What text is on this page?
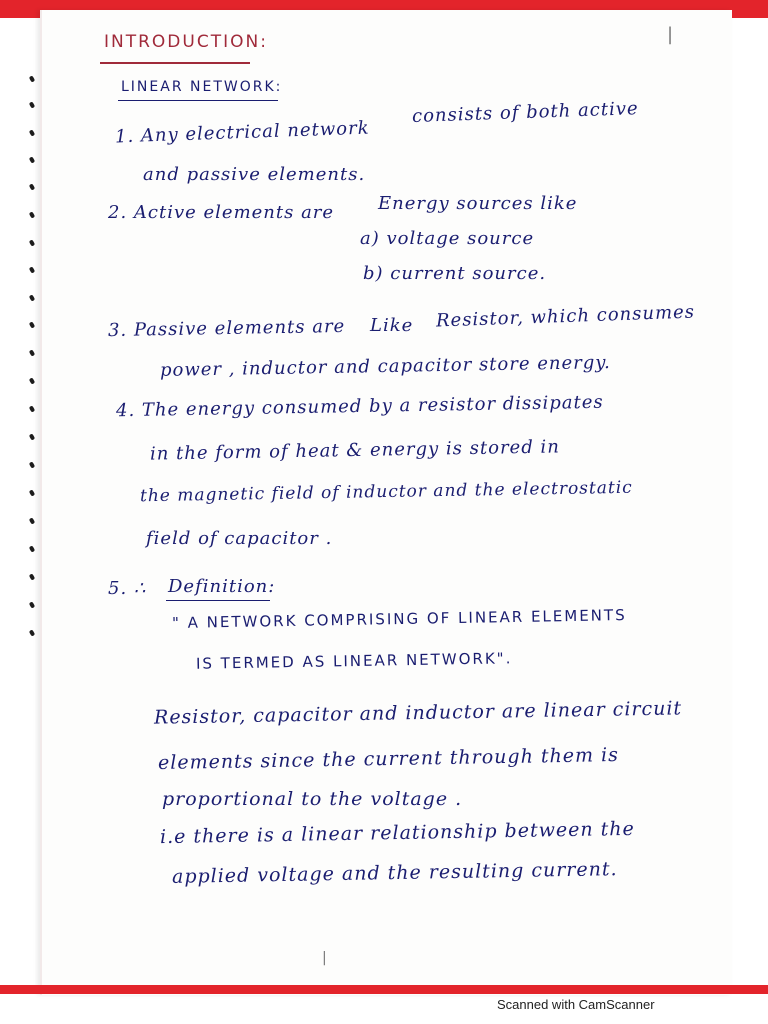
|
INTRODUCTION:
LINEAR NETWORK:
1. Any electrical network
consists of both active
and passive elements.
2. Active elements are Energy sources like
a) voltage source
b) current source.
3. Passive elements are Like Resistor, which consumes
power , inductor and capacitor store energy.
4. The energy consumed by a resistor dissipates
in the form of heat & energy is stored in
the magnetic field of inductor and the electrostatic
field of capacitor .
5. ∴ Definition:
" A NETWORK COMPRISING OF LINEAR ELEMENTS
IS TERMED AS LINEAR NETWORK".
Resistor, capacitor and inductor are linear circuit
elements since the current through them is
proportional to the voltage .
i.e there is a linear relationship between the
applied voltage and the resulting current.
|
Scanned with CamScanner
